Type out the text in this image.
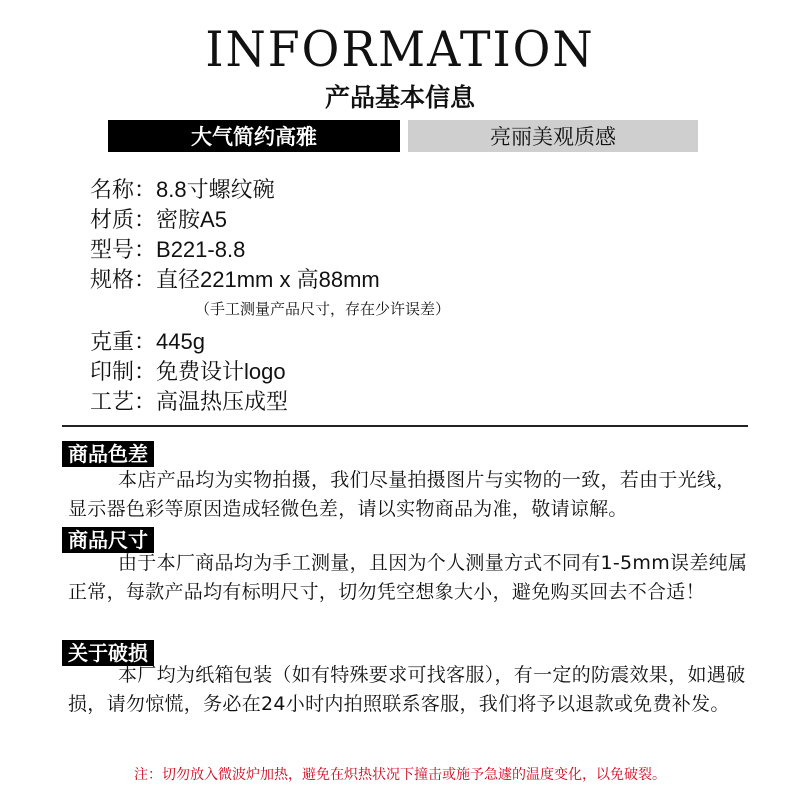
INFORMATION
产品基本信息
大气简约高雅	亮丽美观质感
名称：8.8寸螺纹碗
材质：密胺A5
型号：B221-8.8
规格：直径221mm x 高88mm
（手工测量产品尺寸，存在少许误差）
克重：445g
印制：免费设计logo
工艺：高温热压成型
商品色差
本店产品均为实物拍摄，我们尽量拍摄图片与实物的一致，若由于光线，显示器色彩等原因造成轻微色差，请以实物商品为准，敬请谅解。
商品尺寸
由于本厂商品均为手工测量，且因为个人测量方式不同有1-5mm误差纯属正常，每款产品均有标明尺寸，切勿凭空想象大小，避免购买回去不合适！
关于破损
本厂均为纸箱包装（如有特殊要求可找客服），有一定的防震效果，如遇破损，请勿惊慌，务必在24小时内拍照联系客服，我们将予以退款或免费补发。
注：切勿放入微波炉加热，避免在炽热状况下撞击或施予急遽的温度变化，以免破裂。
